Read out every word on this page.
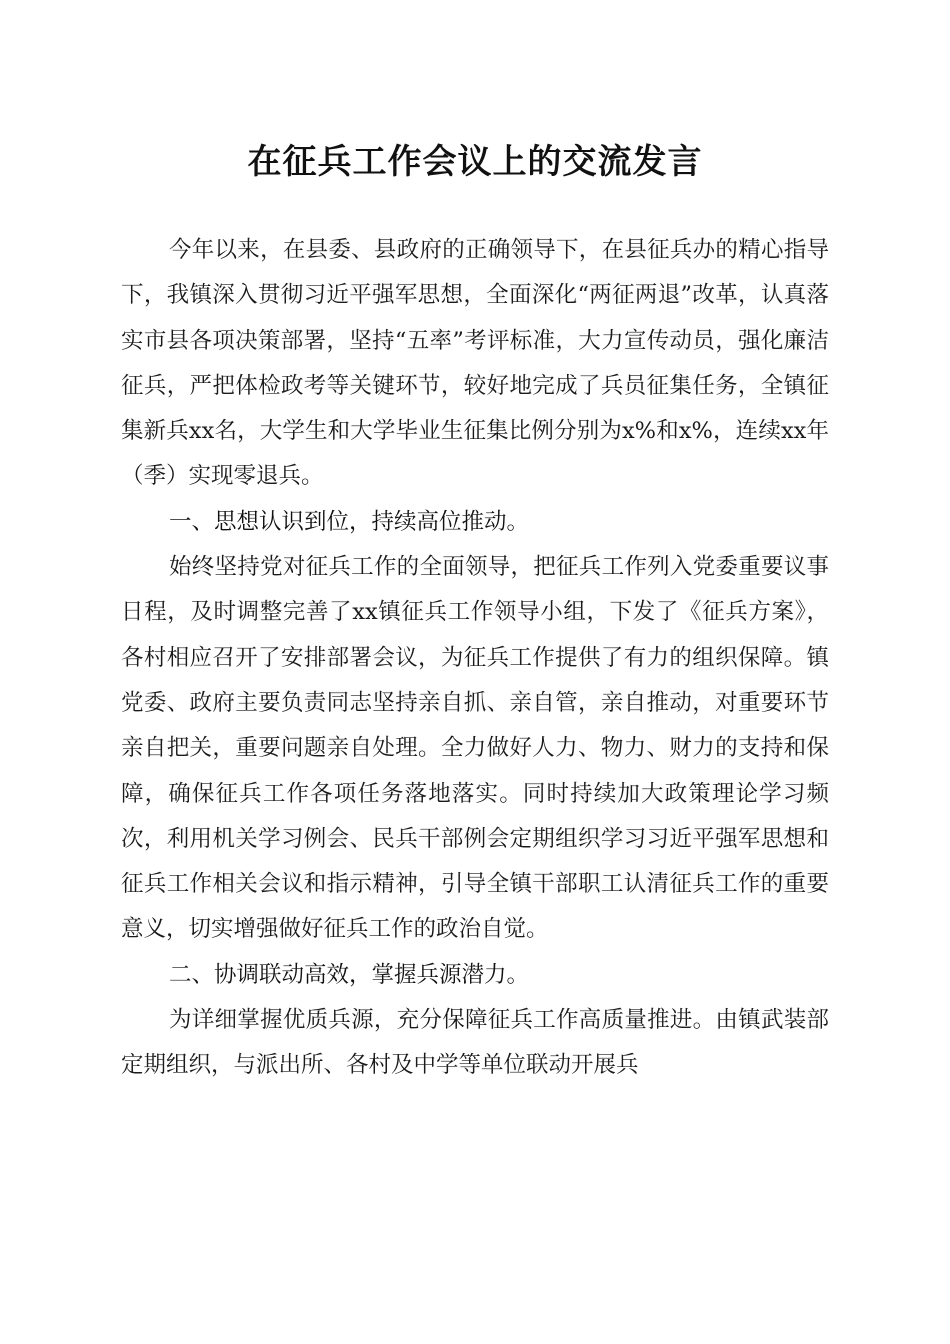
在征兵工作会议上的交流发言

今年以来，在县委、县政府的正确领导下，在县征兵办的精心指导下，我镇深入贯彻习近平强军思想，全面深化“两征两退”改革，认真落实市县各项决策部署，坚持“五率”考评标准，大力宣传动员，强化廉洁征兵，严把体检政考等关键环节，较好地完成了兵员征集任务，全镇征集新兵xx名，大学生和大学毕业生征集比例分别为x%和x%，连续xx年（季）实现零退兵。

一、思想认识到位，持续高位推动。

始终坚持党对征兵工作的全面领导，把征兵工作列入党委重要议事日程，及时调整完善了xx镇征兵工作领导小组，下发了《征兵方案》，各村相应召开了安排部署会议，为征兵工作提供了有力的组织保障。镇党委、政府主要负责同志坚持亲自抓、亲自管，亲自推动，对重要环节亲自把关，重要问题亲自处理。全力做好人力、物力、财力的支持和保障，确保征兵工作各项任务落地落实。同时持续加大政策理论学习频次，利用机关学习例会、民兵干部例会定期组织学习习近平强军思想和征兵工作相关会议和指示精神，引导全镇干部职工认清征兵工作的重要意义，切实增强做好征兵工作的政治自觉。

二、协调联动高效，掌握兵源潜力。

为详细掌握优质兵源，充分保障征兵工作高质量推进。由镇武装部定期组织，与派出所、各村及中学等单位联动开展兵
